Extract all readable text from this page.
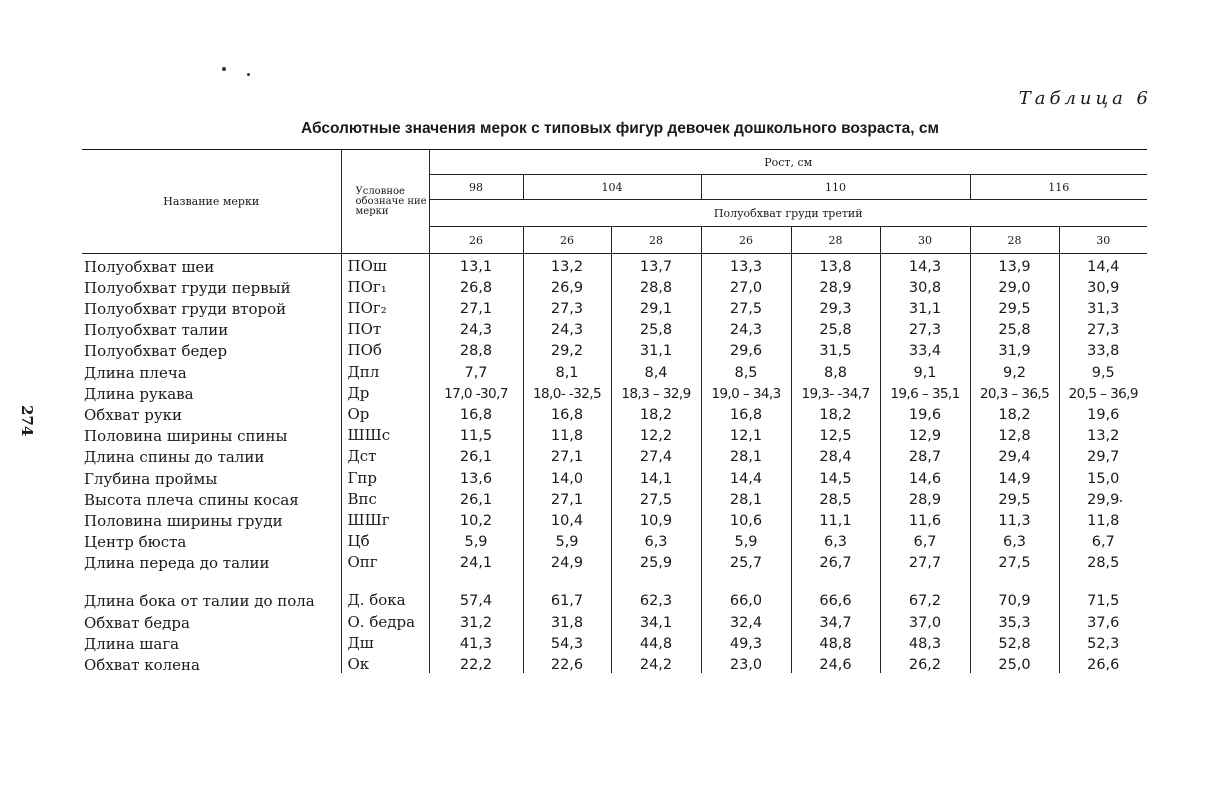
Таблица 6
274
Абсолютные значения мерок с типовых фигур девочек дошкольного возраста, см
Название мерки	Условное обозначе ние мерки	Рост, см							
		98	104		110			116	
		Полуобхват груди третий							
		26	26	28	26	28	30	28	30
Полуобхват шеи	ПОш	13,1	13,2	13,7	13,3	13,8	14,3	13,9	14,4
Полуобхват груди первый	ПОг₁	26,8	26,9	28,8	27,0	28,9	30,8	29,0	30,9
Полуобхват груди второй	ПОг₂	27,1	27,3	29,1	27,5	29,3	31,1	29,5	31,3
Полуобхват талии	ПОт	24,3	24,3	25,8	24,3	25,8	27,3	25,8	27,3
Полуобхват бедер	ПОб	28,8	29,2	31,1	29,6	31,5	33,4	31,9	33,8
Длина плеча	Дпл	7,7	8,1	8,4	8,5	8,8	9,1	9,2	9,5
Длина рукава	Др	17,0 -30,7	18,0- -32,5	18,3 – 32,9	19,0 – 34,3	19,3- -34,7	19,6 – 35,1	20,3 – 36,5	20,5 – 36,9
Обхват руки	Ор	16,8	16,8	18,2	16,8	18,2	19,6	18,2	19,6
Половина ширины спины	ШШс	11,5	11,8	12,2	12,1	12,5	12,9	12,8	13,2
Длина спины до талии	Дст	26,1	27,1	27,4	28,1	28,4	28,7	29,4	29,7
Глубина проймы	Гпр	13,6	14,0	14,1	14,4	14,5	14,6	14,9	15,0
Высота плеча спины косая	Впс	26,1	27,1	27,5	28,1	28,5	28,9	29,5	29,9
Половина ширины груди	ШШг	10,2	10,4	10,9	10,6	11,1	11,6	11,3	11,8
Центр бюста	Цб	5,9	5,9	6,3	5,9	6,3	6,7	6,3	6,7
Длина переда до талии	Опг	24,1	24,9	25,9	25,7	26,7	27,7	27,5	28,5
Длина бока от талии до пола	Д. бока	57,4	61,7	62,3	66,0	66,6	67,2	70,9	71,5
Обхват бедра	О. бедра	31,2	31,8	34,1	32,4	34,7	37,0	35,3	37,6
Длина шага	Дш	41,3	54,3	44,8	49,3	48,8	48,3	52,8	52,3
Обхват колена	Ок	22,2	22,6	24,2	23,0	24,6	26,2	25,0	26,6
